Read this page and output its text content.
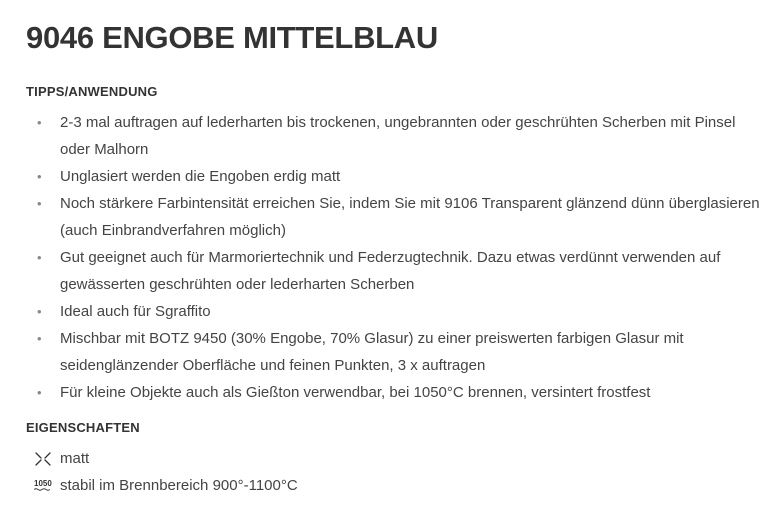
9046 ENGOBE MITTELBLAU
TIPPS/ANWENDUNG
• 2-3 mal auftragen auf lederharten bis trockenen, ungebrannten oder geschrühten Scherben mit Pinsel oder Malhorn
• Unglasiert werden die Engoben erdig matt
• Noch stärkere Farbintensität erreichen Sie, indem Sie mit 9106 Transparent glänzend dünn überglasieren (auch Einbrandverfahren möglich)
• Gut geeignet auch für Marmoriertechnik und Federzugtechnik. Dazu etwas verdünnt verwenden auf gewässerten geschrühten oder lederharten Scherben
• Ideal auch für Sgraffito
• Mischbar mit BOTZ 9450 (30% Engobe, 70% Glasur) zu einer preiswerten farbigen Glasur mit seidenglänzender Oberfläche und feinen Punkten, 3 x auftragen
• Für kleine Objekte auch als Gießton verwendbar, bei 1050°C brennen, versintert frostfest
EIGENSCHAFTEN
matt
1050 stabil im Brennbereich 900°-1100°C
